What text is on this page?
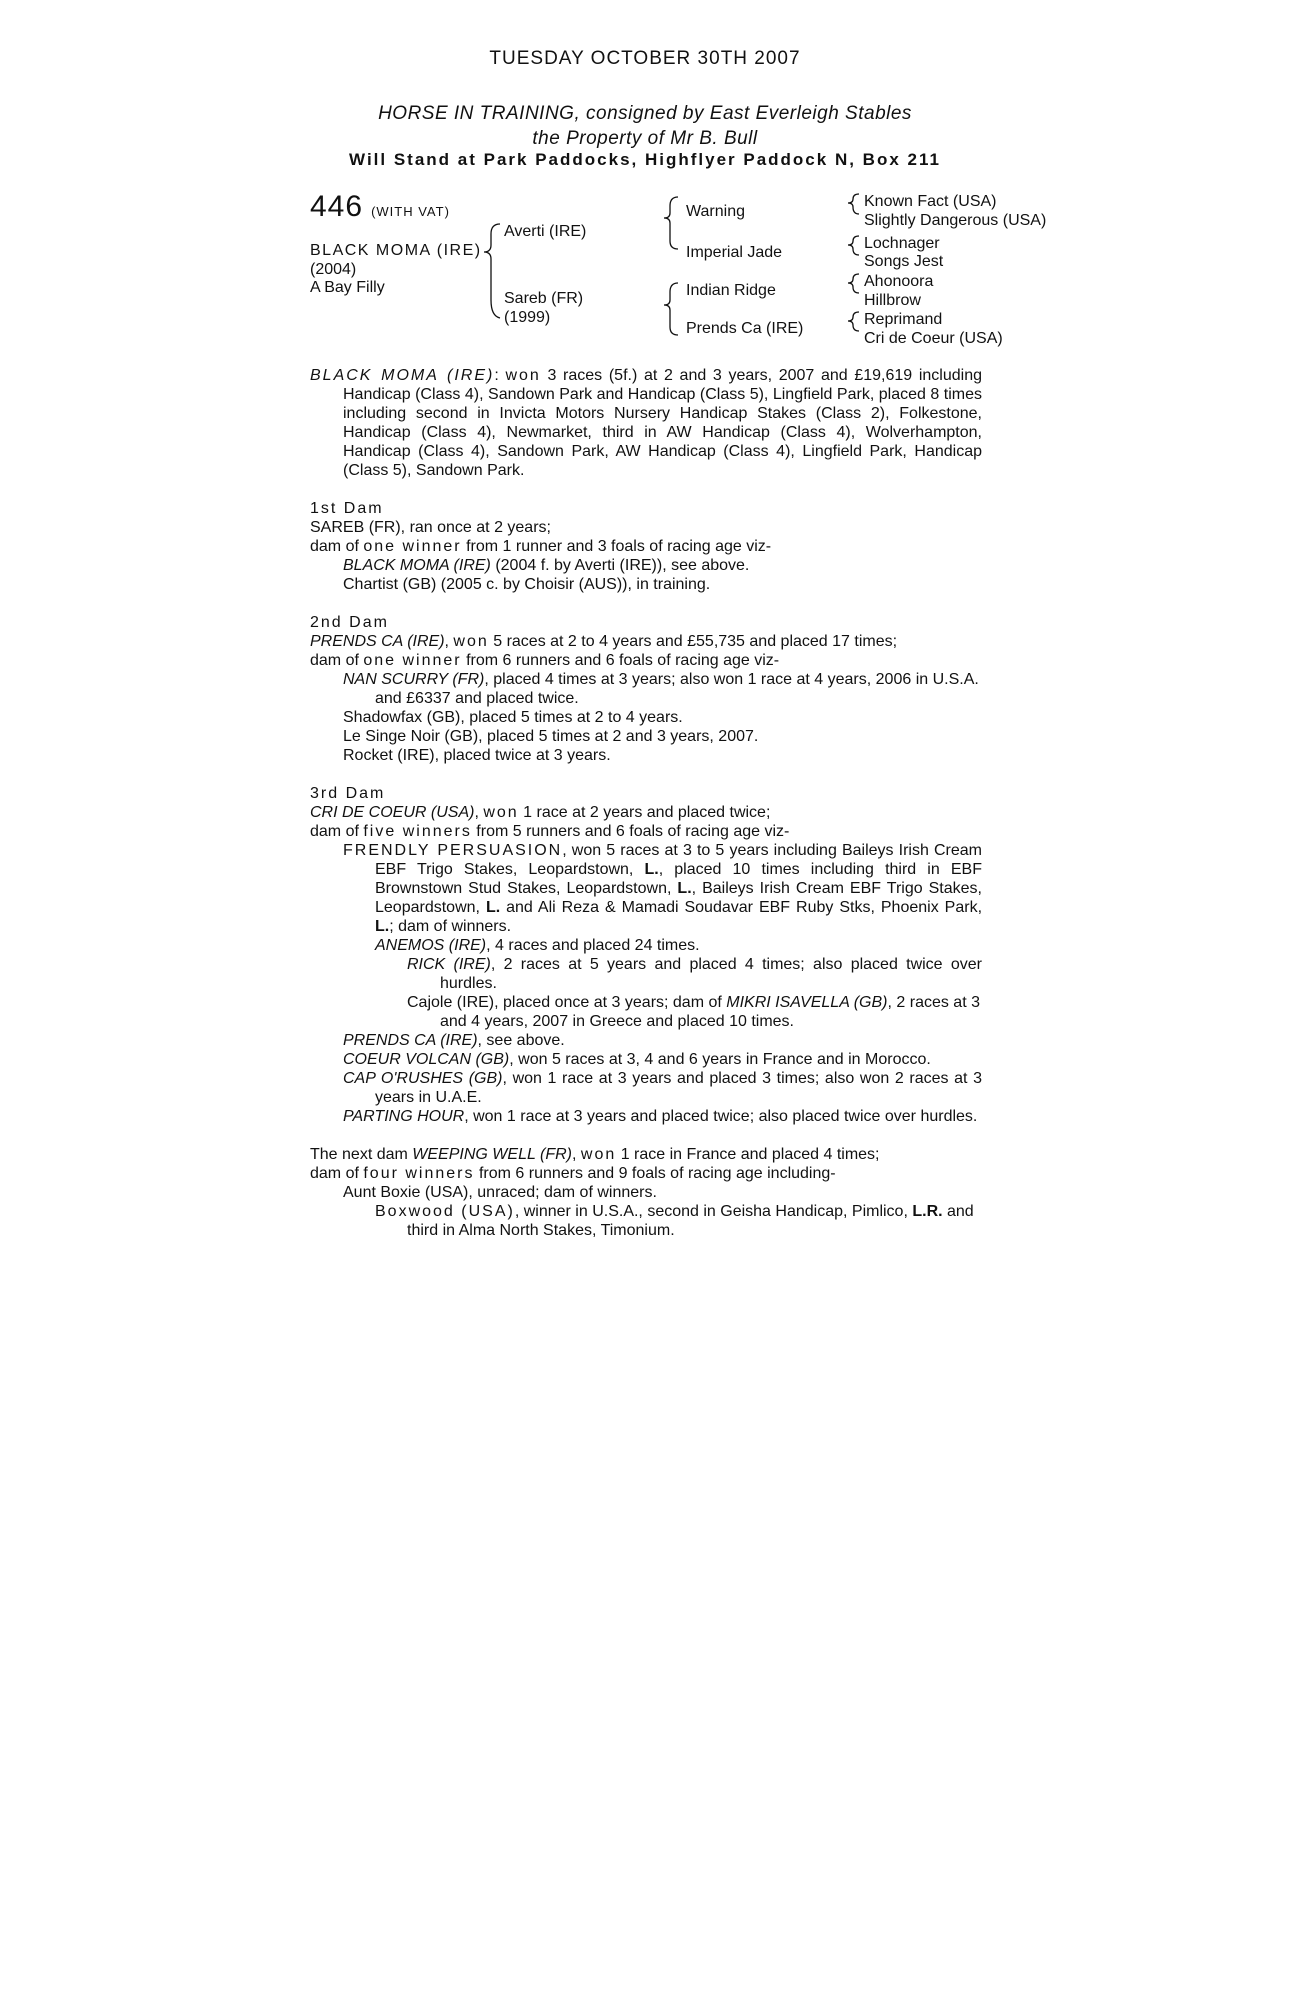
TUESDAY OCTOBER 30TH 2007
HORSE IN TRAINING, consigned by East Everleigh Stables
the Property of Mr B. Bull
Will Stand at Park Paddocks, Highflyer Paddock N, Box 211
446 (WITH VAT)
BLACK MOMA (IRE)
(2004)
A Bay Filly
Averti (IRE)
Sareb (FR)
(1999)
Warning
Imperial Jade
Indian Ridge
Prends Ca (IRE)
Known Fact (USA)
Slightly Dangerous (USA)
Lochnager
Songs Jest
Ahonoora
Hillbrow
Reprimand
Cri de Coeur (USA)

BLACK MOMA (IRE): won 3 races (5f.) at 2 and 3 years, 2007 and £19,619 including Handicap (Class 4), Sandown Park and Handicap (Class 5), Lingfield Park, placed 8 times including second in Invicta Motors Nursery Handicap Stakes (Class 2), Folkestone, Handicap (Class 4), Newmarket, third in AW Handicap (Class 4), Wolverhampton, Handicap (Class 4), Sandown Park, AW Handicap (Class 4), Lingfield Park, Handicap (Class 5), Sandown Park.

1st Dam

SAREB (FR), ran once at 2 years;

dam of one winner from 1 runner and 3 foals of racing age viz-

BLACK MOMA (IRE) (2004 f. by Averti (IRE)), see above.

Chartist (GB) (2005 c. by Choisir (AUS)), in training.

2nd Dam

PRENDS CA (IRE), won 5 races at 2 to 4 years and £55,735 and placed 17 times;

dam of one winner from 6 runners and 6 foals of racing age viz-

NAN SCURRY (FR), placed 4 times at 3 years; also won 1 race at 4 years, 2006 in U.S.A. and £6337 and placed twice.

Shadowfax (GB), placed 5 times at 2 to 4 years.

Le Singe Noir (GB), placed 5 times at 2 and 3 years, 2007.

Rocket (IRE), placed twice at 3 years.

3rd Dam

CRI DE COEUR (USA), won 1 race at 2 years and placed twice;

dam of five winners from 5 runners and 6 foals of racing age viz-

FRENDLY PERSUASION, won 5 races at 3 to 5 years including Baileys Irish Cream EBF Trigo Stakes, Leopardstown, L., placed 10 times including third in EBF Brownstown Stud Stakes, Leopardstown, L., Baileys Irish Cream EBF Trigo Stakes, Leopardstown, L. and Ali Reza & Mamadi Soudavar EBF Ruby Stks, Phoenix Park, L.; dam of winners.

ANEMOS (IRE), 4 races and placed 24 times.

RICK (IRE), 2 races at 5 years and placed 4 times; also placed twice over hurdles.

Cajole (IRE), placed once at 3 years; dam of MIKRI ISAVELLA (GB), 2 races at 3 and 4 years, 2007 in Greece and placed 10 times.

PRENDS CA (IRE), see above.

COEUR VOLCAN (GB), won 5 races at 3, 4 and 6 years in France and in Morocco.

CAP O'RUSHES (GB), won 1 race at 3 years and placed 3 times; also won 2 races at 3 years in U.A.E.

PARTING HOUR, won 1 race at 3 years and placed twice; also placed twice over hurdles.

The next dam WEEPING WELL (FR), won 1 race in France and placed 4 times;

dam of four winners from 6 runners and 9 foals of racing age including-

Aunt Boxie (USA), unraced; dam of winners.

Boxwood (USA), winner in U.S.A., second in Geisha Handicap, Pimlico, L.R. and third in Alma North Stakes, Timonium.
